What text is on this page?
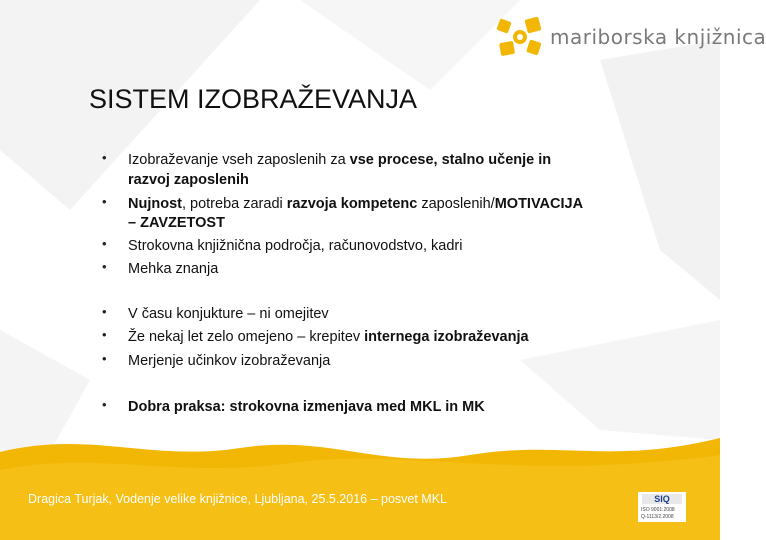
mariborska knjižnica
SISTEM IZOBRAŽEVANJA
• Izobraževanje vseh zaposlenih za vse procese, stalno učenje in
razvoj zaposlenih
• Nujnost, potreba zaradi razvoja kompetenc zaposlenih/MOTIVACIJA
– ZAVZETOST
• Strokovna knjižnična področja, računovodstvo, kadri
• Mehka znanja
• V času konjukture – ni omejitev
• Že nekaj let zelo omejeno – krepitev internega izobraževanja
• Merjenje učinkov izobraževanja
• Dobra praksa: strokovna izmenjava med MKL in MK
Dragica Turjak, Vodenje velike knjižnice, Ljubljana, 25.5.2016 – posvet MKL	SIQ
ISO 9001:2008
Q-1113/2.2008
